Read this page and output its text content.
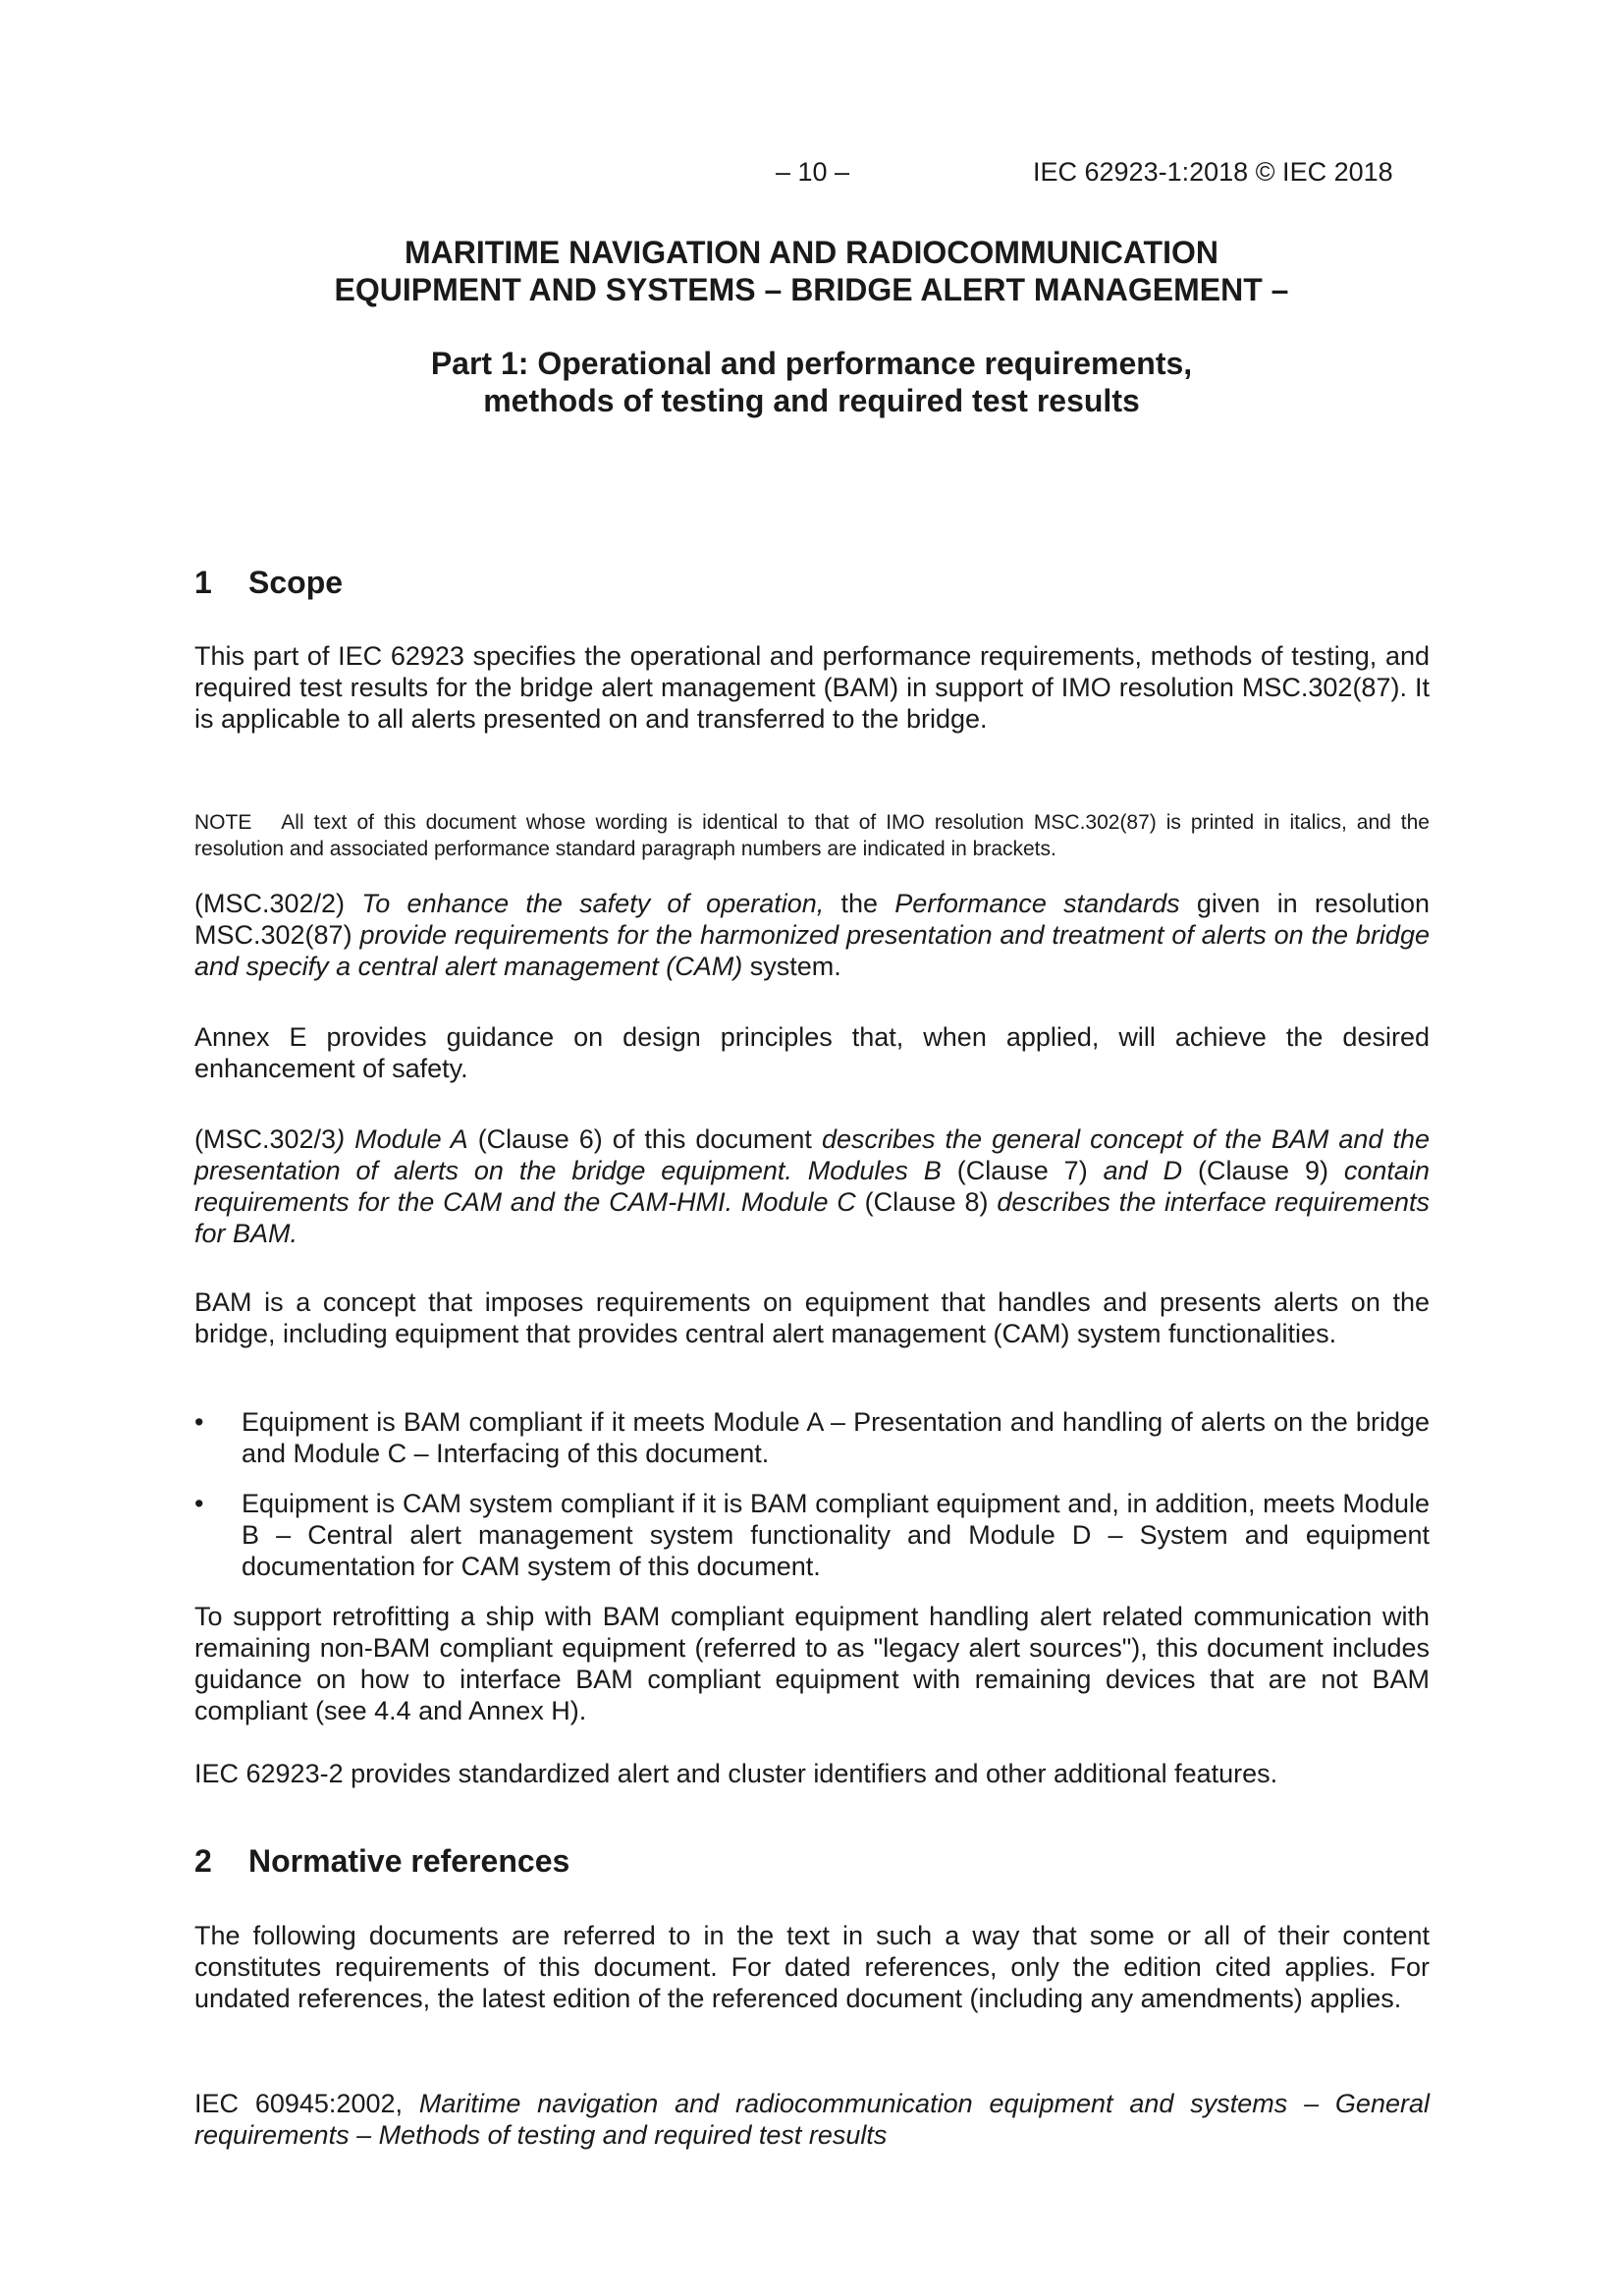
– 10 –	IEC 62923-1:2018 © IEC 2018
MARITIME NAVIGATION AND RADIOCOMMUNICATION
EQUIPMENT AND SYSTEMS – BRIDGE ALERT MANAGEMENT –
Part 1: Operational and performance requirements,
methods of testing and required test results
1 Scope

This part of IEC 62923 specifies the operational and performance requirements, methods of testing, and required test results for the bridge alert management (BAM) in support of IMO resolution MSC.302(87). It is applicable to all alerts presented on and transferred to the bridge.

NOTE All text of this document whose wording is identical to that of IMO resolution MSC.302(87) is printed in italics, and the resolution and associated performance standard paragraph numbers are indicated in brackets.

(MSC.302/2) To enhance the safety of operation, the Performance standards given in resolution MSC.302(87) provide requirements for the harmonized presentation and treatment of alerts on the bridge and specify a central alert management (CAM) system.

Annex E provides guidance on design principles that, when applied, will achieve the desired enhancement of safety.

(MSC.302/3) Module A (Clause 6) of this document describes the general concept of the BAM and the presentation of alerts on the bridge equipment. Modules B (Clause 7) and D (Clause 9) contain requirements for the CAM and the CAM-HMI. Module C (Clause 8) describes the interface requirements for BAM.

BAM is a concept that imposes requirements on equipment that handles and presents alerts on the bridge, including equipment that provides central alert management (CAM) system functionalities.

•	Equipment is BAM compliant if it meets Module A – Presentation and handling of alerts on the bridge and Module C – Interfacing of this document.
•	Equipment is CAM system compliant if it is BAM compliant equipment and, in addition, meets Module B – Central alert management system functionality and Module D – System and equipment documentation for CAM system of this document.

To support retrofitting a ship with BAM compliant equipment handling alert related communication with remaining non-BAM compliant equipment (referred to as "legacy alert sources"), this document includes guidance on how to interface BAM compliant equipment with remaining devices that are not BAM compliant (see 4.4 and Annex H).

IEC 62923-2 provides standardized alert and cluster identifiers and other additional features.

2 Normative references

The following documents are referred to in the text in such a way that some or all of their content constitutes requirements of this document. For dated references, only the edition cited applies. For undated references, the latest edition of the referenced document (including any amendments) applies.

IEC 60945:2002, Maritime navigation and radiocommunication equipment and systems – General requirements – Methods of testing and required test results
